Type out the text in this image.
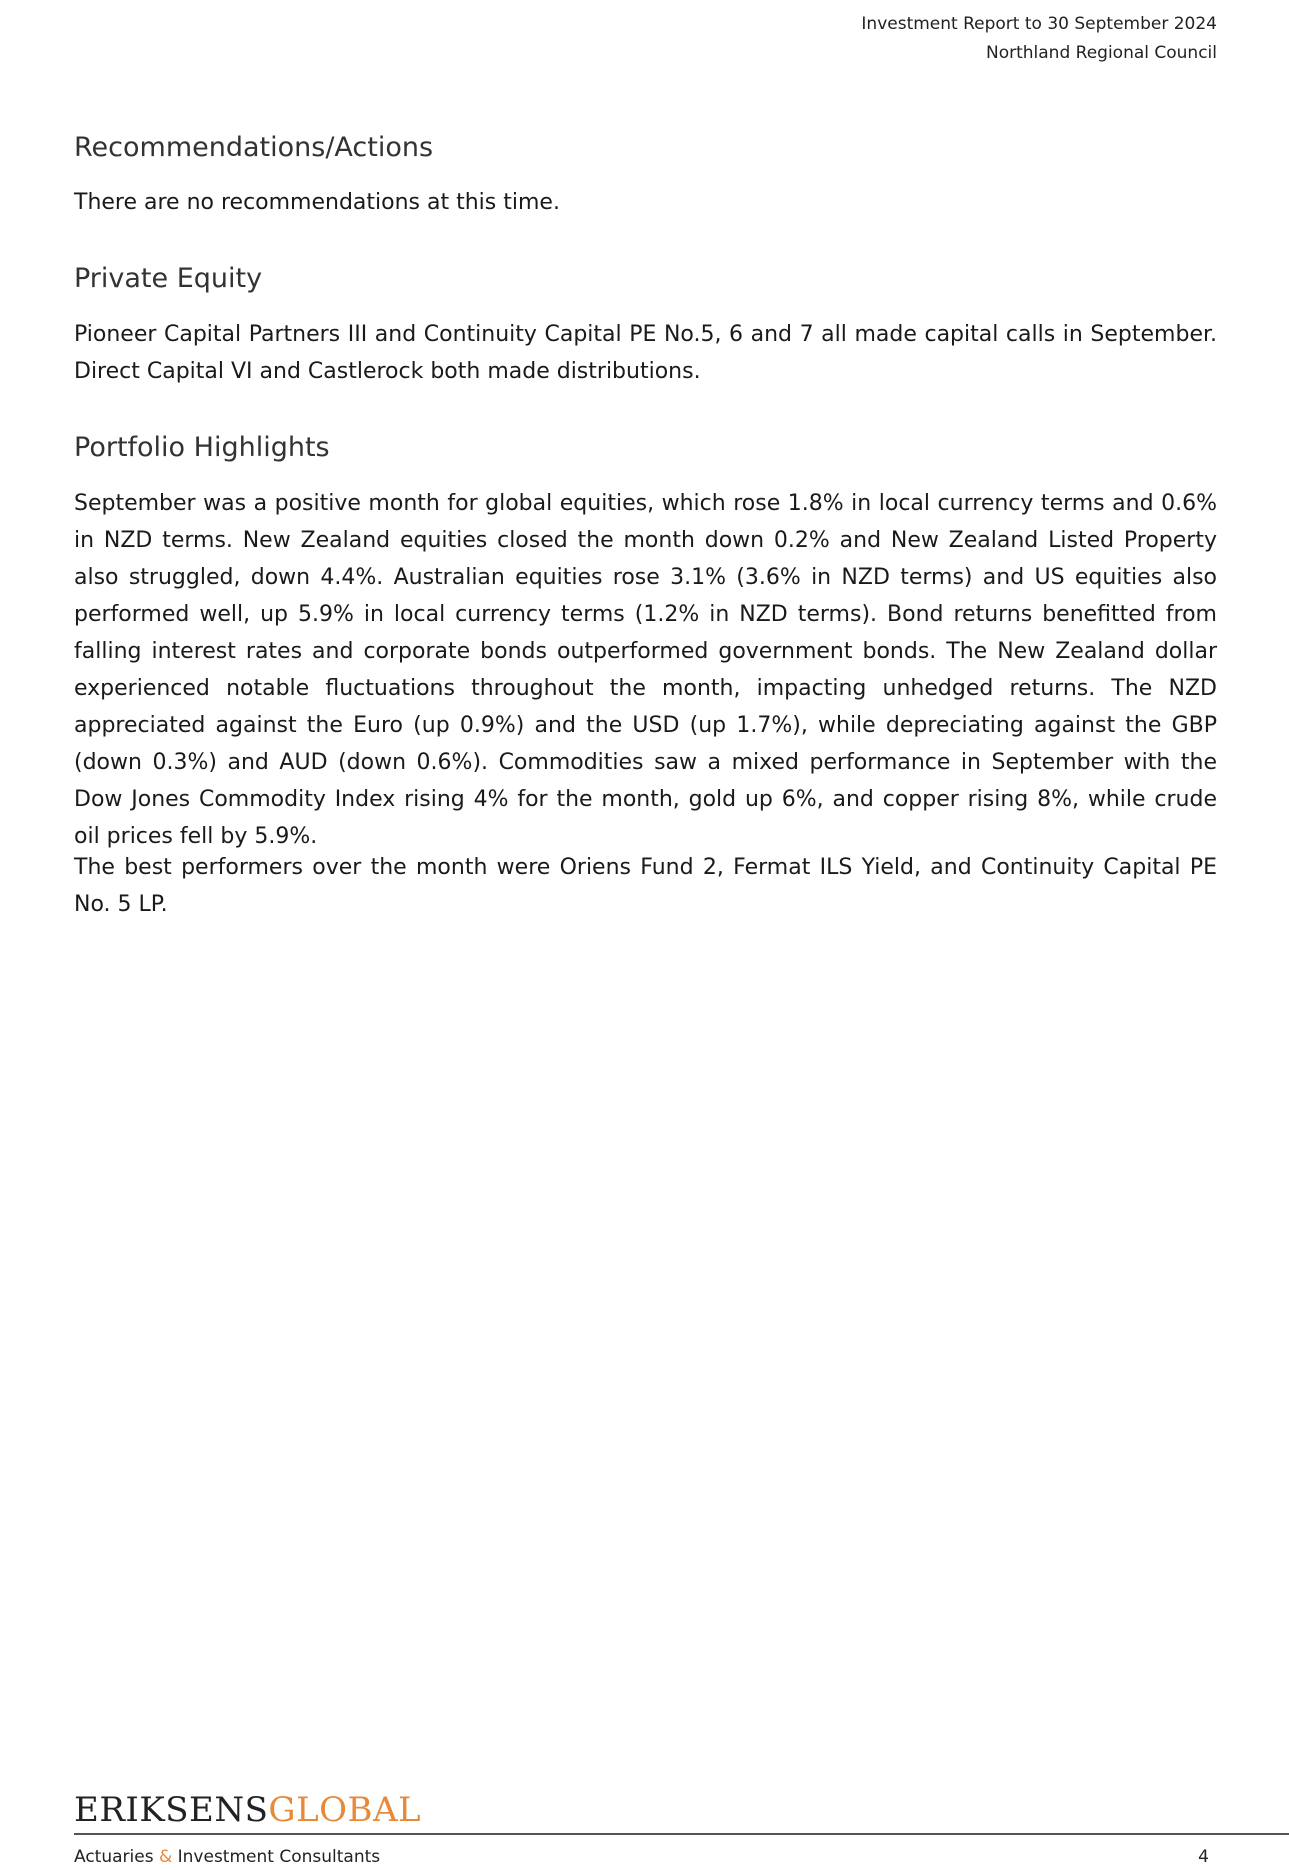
Investment Report to 30 September 2024
Northland Regional Council
Recommendations/Actions

There are no recommendations at this time.

Private Equity

Pioneer Capital Partners III and Continuity Capital PE No.5, 6 and 7 all made capital calls in September. Direct Capital VI and Castlerock both made distributions.

Portfolio Highlights

September was a positive month for global equities, which rose 1.8% in local currency terms and 0.6% in NZD terms. New Zealand equities closed the month down 0.2% and New Zealand Listed Property also struggled, down 4.4%. Australian equities rose 3.1% (3.6% in NZD terms) and US equities also performed well, up 5.9% in local currency terms (1.2% in NZD terms). Bond returns benefitted from falling interest rates and corporate bonds outperformed government bonds. The New Zealand dollar experienced notable fluctuations throughout the month, impacting unhedged returns. The NZD appreciated against the Euro (up 0.9%) and the USD (up 1.7%), while depreciating against the GBP (down 0.3%) and AUD (down 0.6%). Commodities saw a mixed performance in September with the Dow Jones Commodity Index rising 4% for the month, gold up 6%, and copper rising 8%, while crude oil prices fell by 5.9%.

The best performers over the month were Oriens Fund 2, Fermat ILS Yield, and Continuity Capital PE No. 5 LP.

ERIKSENSGLOBAL
Actuaries & Investment Consultants	4
